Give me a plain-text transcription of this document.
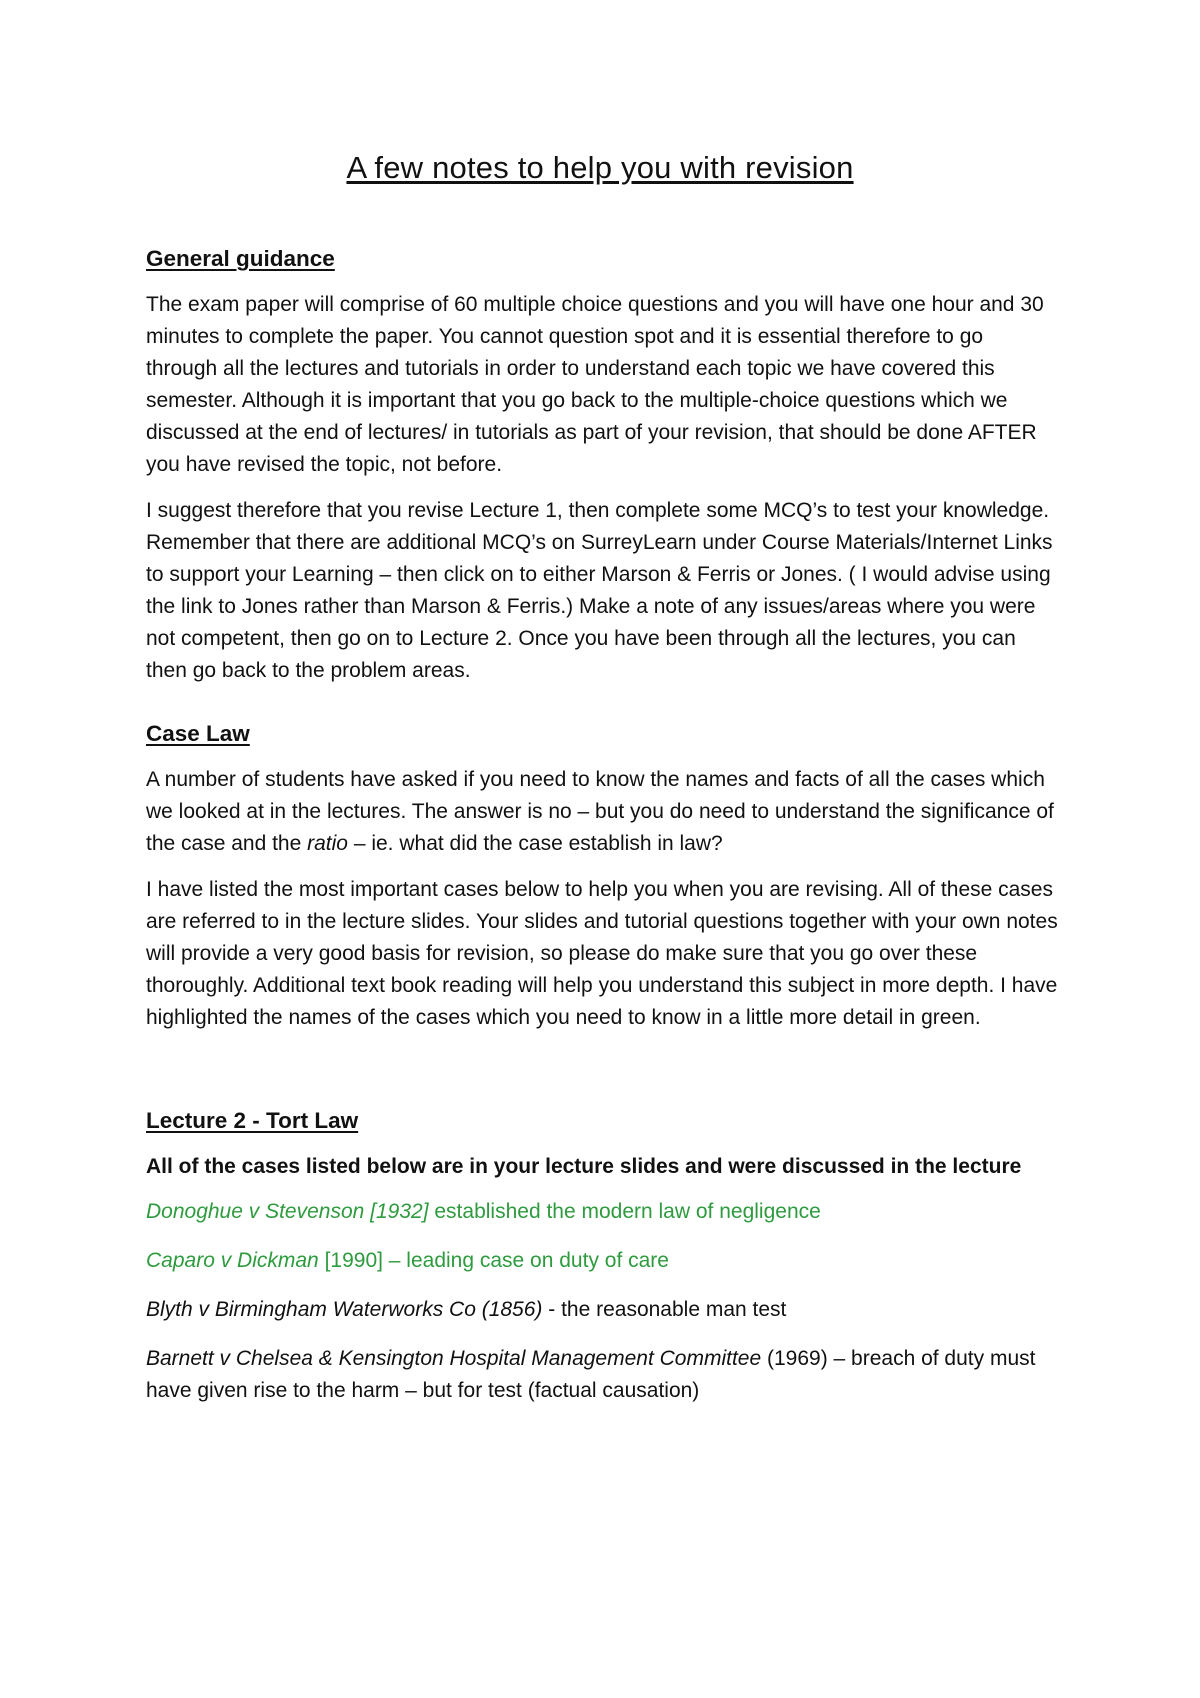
A few notes to help you with revision
General guidance

The exam paper will comprise of 60 multiple choice questions and you will have one hour and 30 minutes to complete the paper. You cannot question spot and it is essential therefore to go through all the lectures and tutorials in order to understand each topic we have covered this semester. Although it is important that you go back to the multiple-choice questions which we discussed at the end of lectures/ in tutorials as part of your revision, that should be done AFTER you have revised the topic, not before.

I suggest therefore that you revise Lecture 1, then complete some MCQ’s to test your knowledge. Remember that there are additional MCQ’s on SurreyLearn under Course Materials/Internet Links to support your Learning – then click on to either Marson & Ferris or Jones. ( I would advise using the link to Jones rather than Marson & Ferris.) Make a note of any issues/areas where you were not competent, then go on to Lecture 2. Once you have been through all the lectures, you can then go back to the problem areas.

Case Law

A number of students have asked if you need to know the names and facts of all the cases which we looked at in the lectures. The answer is no – but you do need to understand the significance of the case and the ratio – ie. what did the case establish in law?

I have listed the most important cases below to help you when you are revising. All of these cases are referred to in the lecture slides. Your slides and tutorial questions together with your own notes will provide a very good basis for revision, so please do make sure that you go over these thoroughly. Additional text book reading will help you understand this subject in more depth. I have highlighted the names of the cases which you need to know in a little more detail in green.

Lecture 2 - Tort Law
All of the cases listed below are in your lecture slides and were discussed in the lecture
Donoghue v Stevenson [1932] established the modern law of negligence
Caparo v Dickman [1990] – leading case on duty of care
Blyth v Birmingham Waterworks Co (1856) - the reasonable man test
Barnett v Chelsea & Kensington Hospital Management Committee (1969) – breach of duty must have given rise to the harm – but for test (factual causation)
